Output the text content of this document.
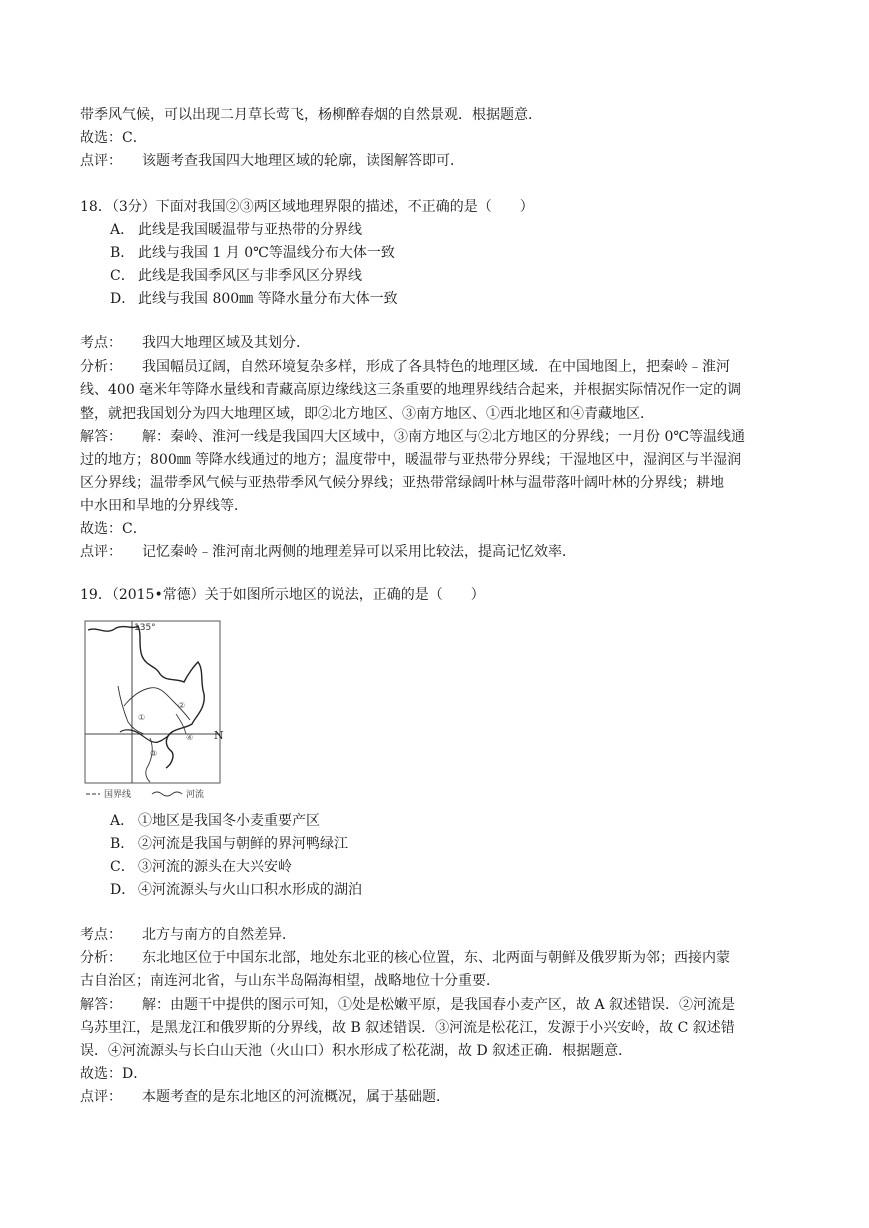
带季风气候，可以出现二月草长莺飞，杨柳醉春烟的自然景观．根据题意．
故选：C．
点评： 该题考查我国四大地理区域的轮廓，读图解答即可．
18．（3分）下面对我国②③两区域地理界限的描述，不正确的是（　　）
A． 此线是我国暖温带与亚热带的分界线
B． 此线与我国 1 月 0℃等温线分布大体一致
C． 此线是我国季风区与非季风区分界线
D． 此线与我国 800㎜ 等降水量分布大体一致
考点： 我四大地理区域及其划分．
分析： 我国幅员辽阔，自然环境复杂多样，形成了各具特色的地理区域．在中国地图上，把秦岭﹣淮河
线、400 毫米年等降水量线和青藏高原边缘线这三条重要的地理界线结合起来，并根据实际情况作一定的调
整，就把我国划分为四大地理区域，即②北方地区、③南方地区、①西北地区和④青藏地区．
解答： 解：秦岭、淮河一线是我国四大区域中，③南方地区与②北方地区的分界线；一月份 0℃等温线通
过的地方；800㎜ 等降水线通过的地方；温度带中，暖温带与亚热带分界线；干湿地区中，湿润区与半湿润
区分界线；温带季风气候与亚热带季风气候分界线；亚热带常绿阔叶林与温带落叶阔叶林的分界线；耕地
中水田和旱地的分界线等．
故选：C．
点评： 记忆秦岭﹣淮河南北两侧的地理差异可以采用比较法，提高记忆效率．
19．（2015•常德）关于如图所示地区的说法，正确的是（　　）
135°
N
①
②
③
④
国界线	河流
A． ①地区是我国冬小麦重要产区
B． ②河流是我国与朝鲜的界河鸭绿江
C． ③河流的源头在大兴安岭
D． ④河流源头与火山口积水形成的湖泊
考点： 北方与南方的自然差异．
分析： 东北地区位于中国东北部，地处东北亚的核心位置，东、北两面与朝鲜及俄罗斯为邻；西接内蒙
古自治区；南连河北省，与山东半岛隔海相望，战略地位十分重要．
解答： 解：由题干中提供的图示可知，①处是松嫩平原，是我国春小麦产区，故 A 叙述错误．②河流是
乌苏里江，是黑龙江和俄罗斯的分界线，故 B 叙述错误．③河流是松花江，发源于小兴安岭，故 C 叙述错
误．④河流源头与长白山天池（火山口）积水形成了松花湖，故 D 叙述正确．根据题意．
故选：D．
点评： 本题考查的是东北地区的河流概况，属于基础题．
